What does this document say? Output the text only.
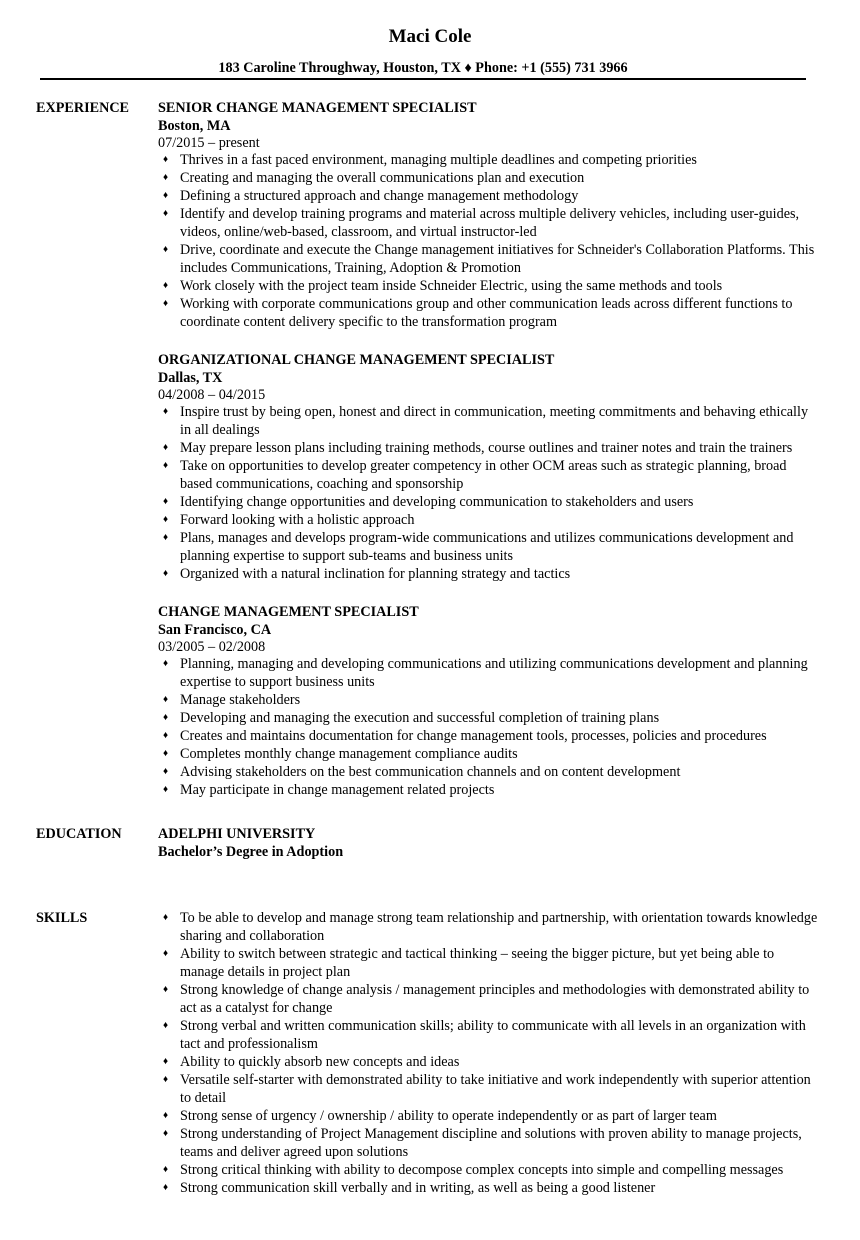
Maci Cole
183 Caroline Throughway, Houston, TX ♦ Phone: +1 (555) 731 3966
EXPERIENCE	SENIOR CHANGE MANAGEMENT SPECIALIST
Boston, MA
07/2015 – present
♦ Thrives in a fast paced environment, managing multiple deadlines and competing priorities
♦ Creating and managing the overall communications plan and execution
♦ Defining a structured approach and change management methodology
♦ Identify and develop training programs and material across multiple delivery vehicles, including user-guides, videos, online/web-based, classroom, and virtual instructor-led
♦ Drive, coordinate and execute the Change management initiatives for Schneider's Collaboration Platforms. This includes Communications, Training, Adoption & Promotion
♦ Work closely with the project team inside Schneider Electric, using the same methods and tools
♦ Working with corporate communications group and other communication leads across different functions to coordinate content delivery specific to the transformation program
ORGANIZATIONAL CHANGE MANAGEMENT SPECIALIST
Dallas, TX
04/2008 – 04/2015
♦ Inspire trust by being open, honest and direct in communication, meeting commitments and behaving ethically in all dealings
♦ May prepare lesson plans including training methods, course outlines and trainer notes and train the trainers
♦ Take on opportunities to develop greater competency in other OCM areas such as strategic planning, broad based communications, coaching and sponsorship
♦ Identifying change opportunities and developing communication to stakeholders and users
♦ Forward looking with a holistic approach
♦ Plans, manages and develops program-wide communications and utilizes communications development and planning expertise to support sub-teams and business units
♦ Organized with a natural inclination for planning strategy and tactics
CHANGE MANAGEMENT SPECIALIST
San Francisco, CA
03/2005 – 02/2008
♦ Planning, managing and developing communications and utilizing communications development and planning expertise to support business units
♦ Manage stakeholders
♦ Developing and managing the execution and successful completion of training plans
♦ Creates and maintains documentation for change management tools, processes, policies and procedures
♦ Completes monthly change management compliance audits
♦ Advising stakeholders on the best communication channels and on content development
♦ May participate in change management related projects
EDUCATION	ADELPHI UNIVERSITY
Bachelor’s Degree in Adoption
SKILLS	♦ To be able to develop and manage strong team relationship and partnership, with orientation towards knowledge sharing and collaboration
♦ Ability to switch between strategic and tactical thinking – seeing the bigger picture, but yet being able to manage details in project plan
♦ Strong knowledge of change analysis / management principles and methodologies with demonstrated ability to act as a catalyst for change
♦ Strong verbal and written communication skills; ability to communicate with all levels in an organization with tact and professionalism
♦ Ability to quickly absorb new concepts and ideas
♦ Versatile self-starter with demonstrated ability to take initiative and work independently with superior attention to detail
♦ Strong sense of urgency / ownership / ability to operate independently or as part of larger team
♦ Strong understanding of Project Management discipline and solutions with proven ability to manage projects, teams and deliver agreed upon solutions
♦ Strong critical thinking with ability to decompose complex concepts into simple and compelling messages
♦ Strong communication skill verbally and in writing, as well as being a good listener
